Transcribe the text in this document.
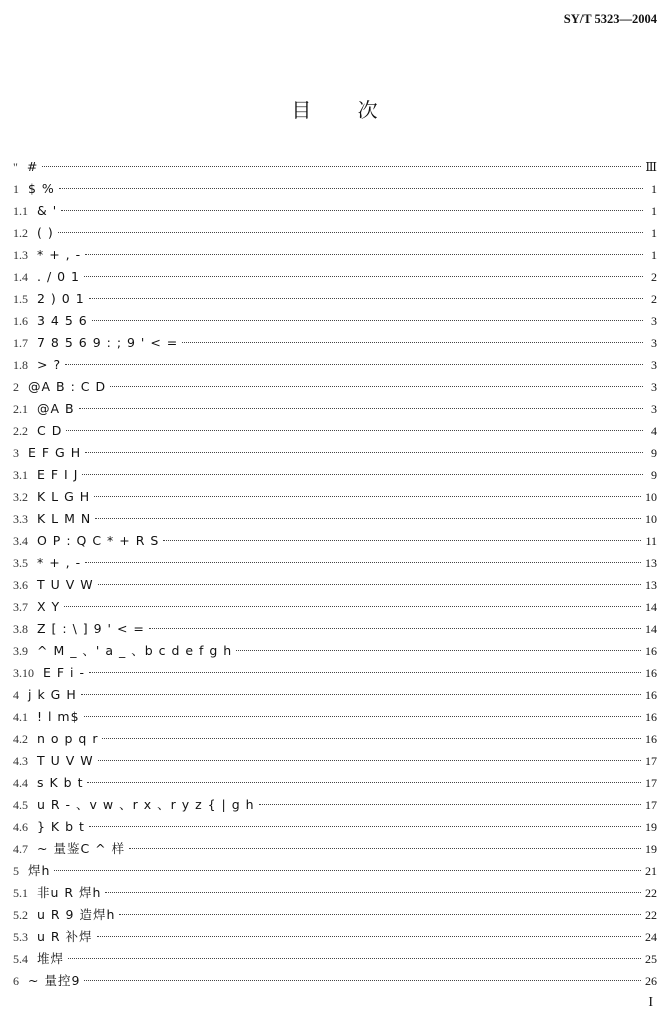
SY/T 5323—2004
目 次
" #	Ⅲ
1 $ %	1
1.1 & '	1
1.2 ( )	1
1.3 * + , -	1
1.4 . / 0 1	2
1.5 2 ) 0 1	2
1.6 3 4 5 6	3
1.7 7 8 5 6 9 : ; 9 ' < =	3
1.8 > ?	3
2 @A B : C D	3
2.1 @A B	3
2.2 C D	4
3 E F G H	9
3.1 E F I J	9
3.2 K L G H	10
3.3 K L M N	10
3.4 O P : Q C * + R S	11
3.5 * + , -	13
3.6 T U V W	13
3.7 X Y	14
3.8 Z [ : \ ] 9 ' < =	14
3.9 ^ M _ 、' a _ 、b c d e f g h	16
3.10 E F i -	16
4 j k G H	16
4.1 ! l m$	16
4.2 n o p q r	16
4.3 T U V W	17
4.4 s K b t	17
4.5 u R - 、v w 、r x 、r y z { | g h	17
4.6 } K b t	19
4.7 ~ 量鉴C ^ 样	19
5 焊h	21
5.1 非u R 焊h	22
5.2 u R 9 造焊h	22
5.3 u R 补焊	24
5.4 堆焊	25
6 ~ 量控9	26
I
